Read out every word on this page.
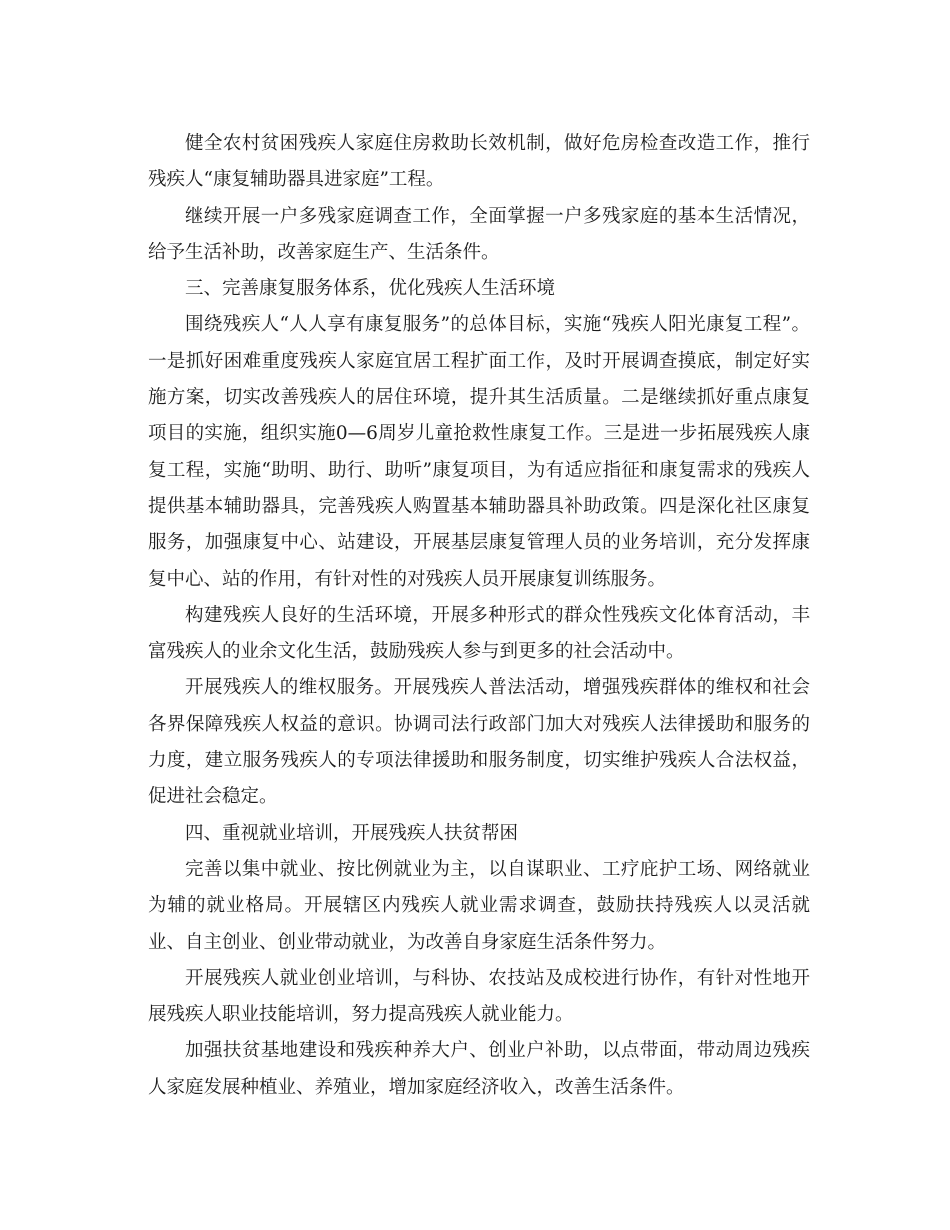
健全农村贫困残疾人家庭住房救助长效机制，做好危房检查改造工作，推行残疾人“康复辅助器具进家庭”工程。

继续开展一户多残家庭调查工作，全面掌握一户多残家庭的基本生活情况，给予生活补助，改善家庭生产、生活条件。

三、完善康复服务体系，优化残疾人生活环境

围绕残疾人“人人享有康复服务”的总体目标，实施“残疾人阳光康复工程”。一是抓好困难重度残疾人家庭宜居工程扩面工作，及时开展调查摸底，制定好实施方案，切实改善残疾人的居住环境，提升其生活质量。二是继续抓好重点康复项目的实施，组织实施0—6周岁儿童抢救性康复工作。三是进一步拓展残疾人康复工程，实施“助明、助行、助听”康复项目，为有适应指征和康复需求的残疾人提供基本辅助器具，完善残疾人购置基本辅助器具补助政策。四是深化社区康复服务，加强康复中心、站建设，开展基层康复管理人员的业务培训，充分发挥康复中心、站的作用，有针对性的对残疾人员开展康复训练服务。

构建残疾人良好的生活环境，开展多种形式的群众性残疾文化体育活动，丰富残疾人的业余文化生活，鼓励残疾人参与到更多的社会活动中。

开展残疾人的维权服务。开展残疾人普法活动，增强残疾群体的维权和社会各界保障残疾人权益的意识。协调司法行政部门加大对残疾人法律援助和服务的力度，建立服务残疾人的专项法律援助和服务制度，切实维护残疾人合法权益，促进社会稳定。

四、重视就业培训，开展残疾人扶贫帮困

完善以集中就业、按比例就业为主，以自谋职业、工疗庇护工场、网络就业为辅的就业格局。开展辖区内残疾人就业需求调查，鼓励扶持残疾人以灵活就业、自主创业、创业带动就业，为改善自身家庭生活条件努力。

开展残疾人就业创业培训，与科协、农技站及成校进行协作，有针对性地开展残疾人职业技能培训，努力提高残疾人就业能力。

加强扶贫基地建设和残疾种养大户、创业户补助，以点带面，带动周边残疾人家庭发展种植业、养殖业，增加家庭经济收入，改善生活条件。
